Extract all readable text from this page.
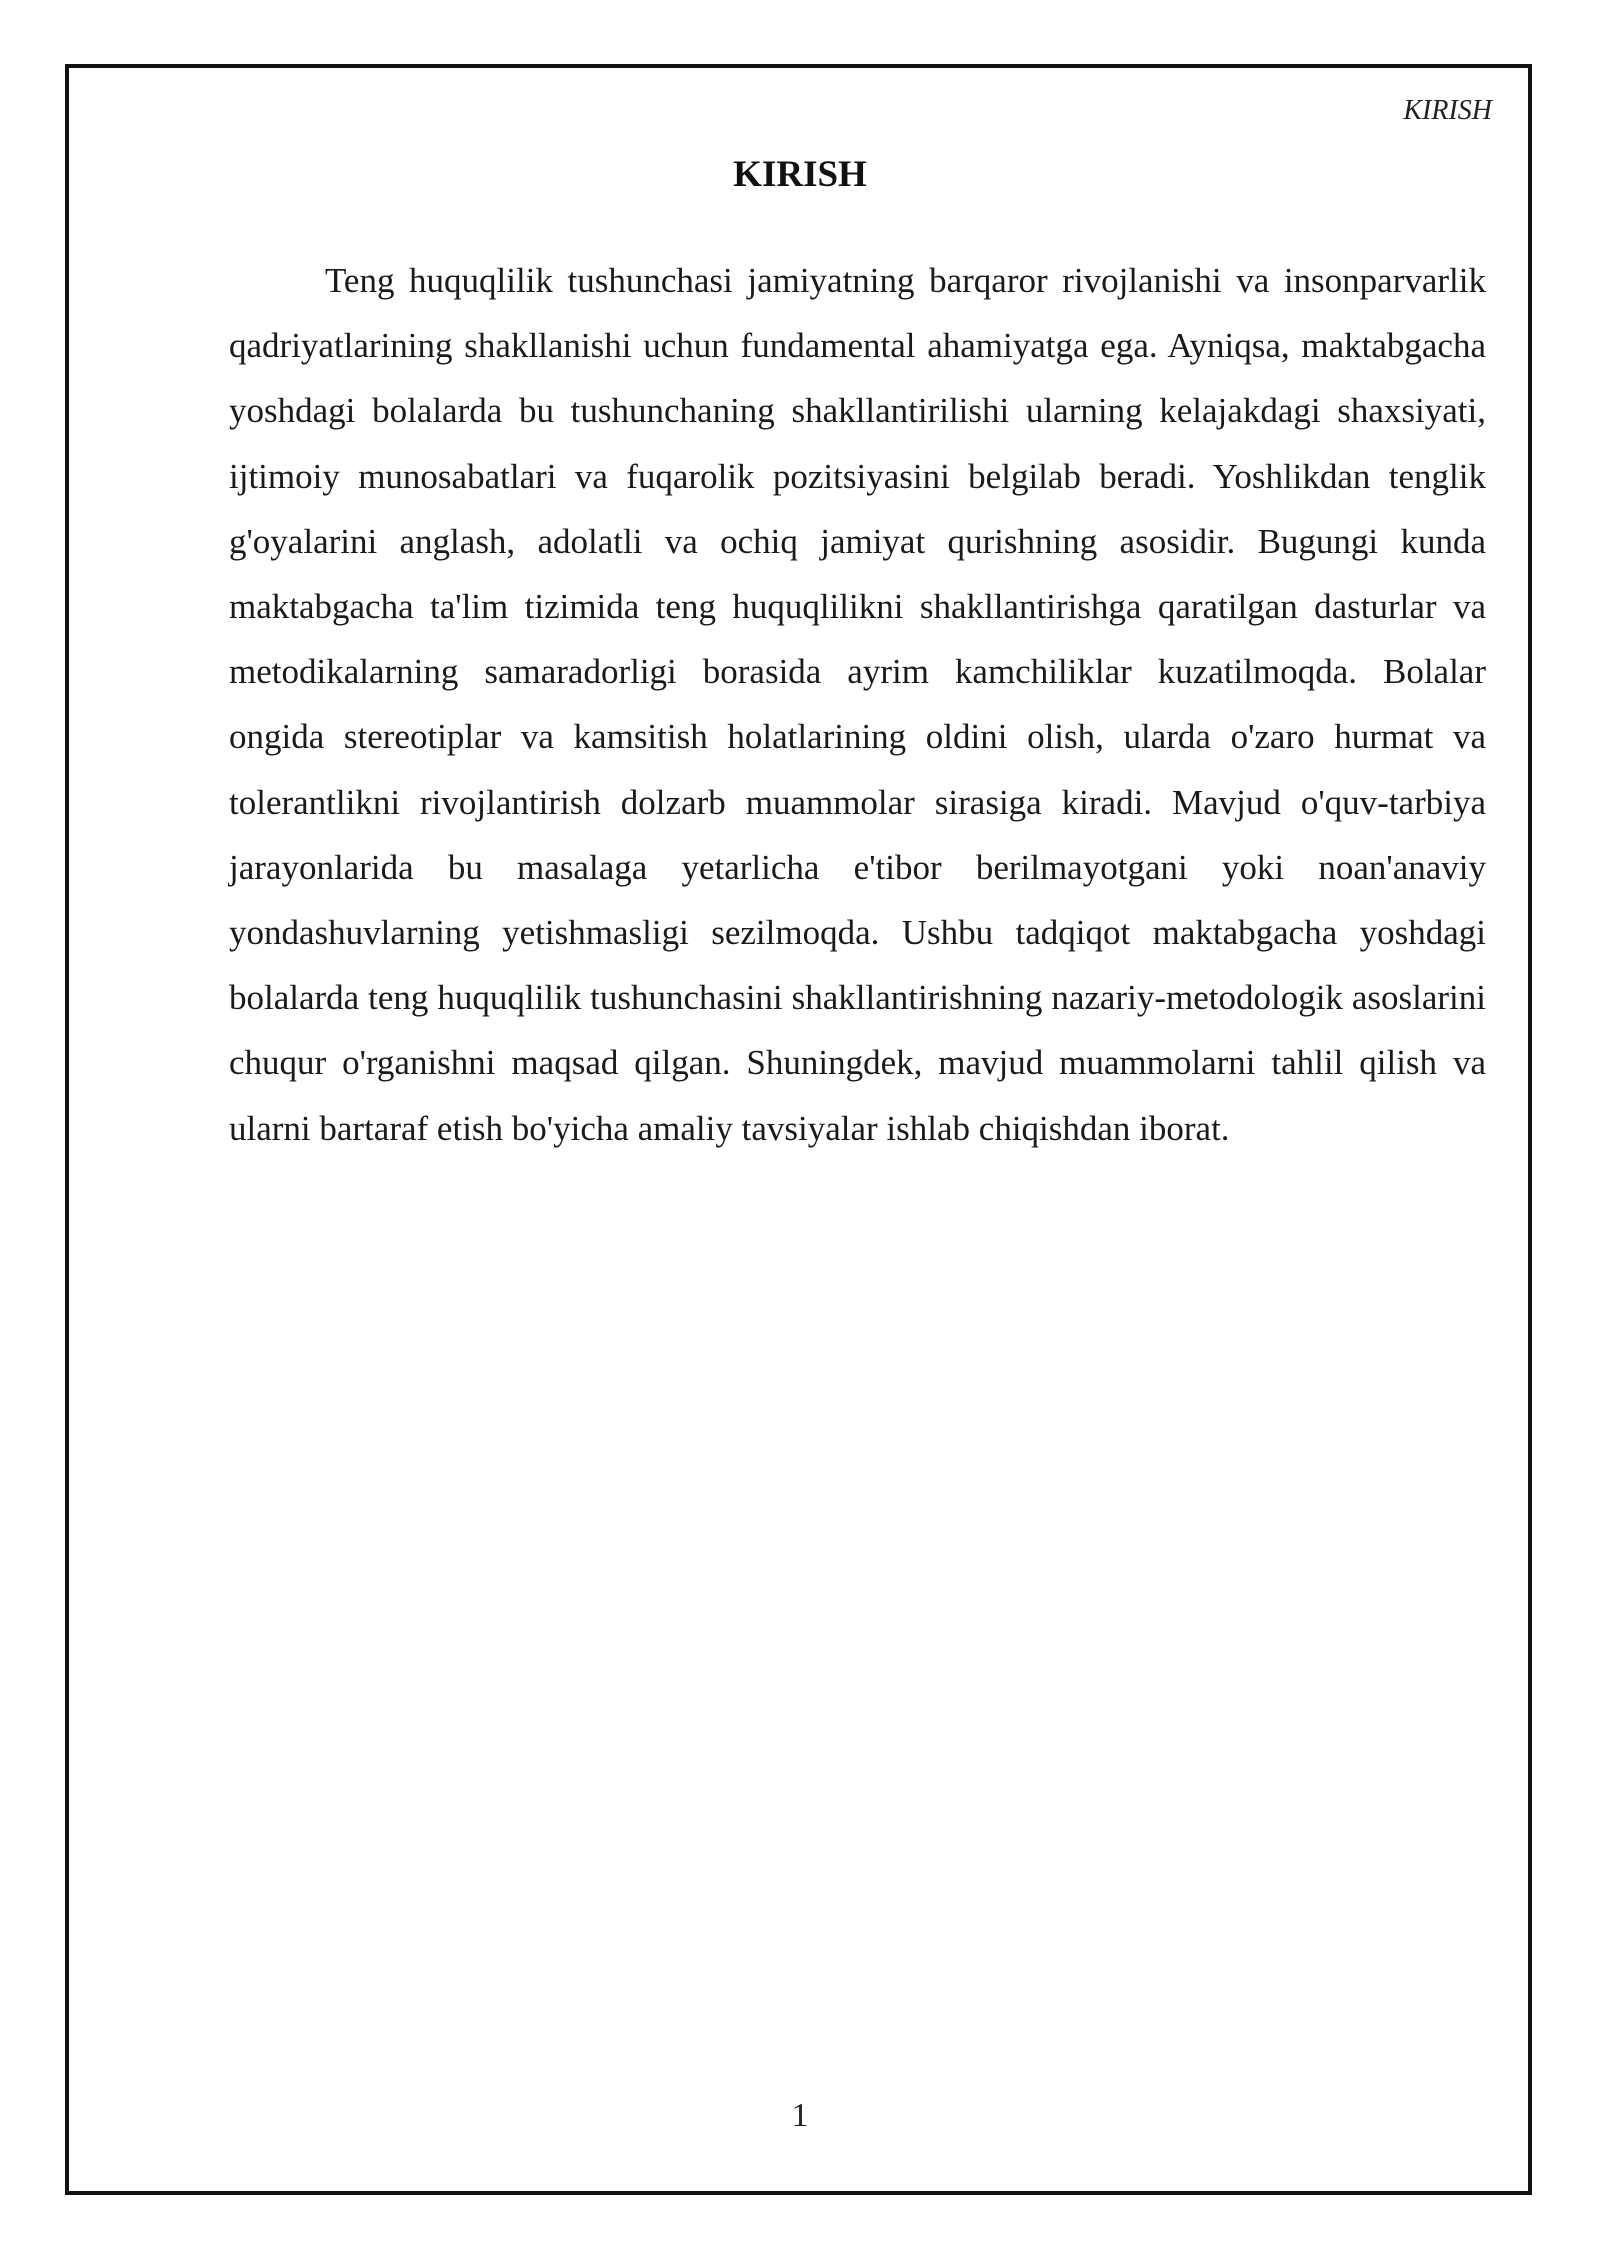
KIRISH
KIRISH

Teng huquqlilik tushunchasi jamiyatning barqaror rivojlanishi va insonparvarlik qadriyatlarining shakllanishi uchun fundamental ahamiyatga ega. Ayniqsa, maktabgacha yoshdagi bolalarda bu tushunchaning shakllantirilishi ularning kelajakdagi shaxsiyati, ijtimoiy munosabatlari va fuqarolik pozitsiyasini belgilab beradi. Yoshlikdan tenglik g'oyalarini anglash, adolatli va ochiq jamiyat qurishning asosidir. Bugungi kunda maktabgacha ta'lim tizimida teng huquqlilikni shakllantirishga qaratilgan dasturlar va metodikalarning samaradorligi borasida ayrim kamchiliklar kuzatilmoqda. Bolalar ongida stereotiplar va kamsitish holatlarining oldini olish, ularda o'zaro hurmat va tolerantlikni rivojlantirish dolzarb muammolar sirasiga kiradi. Mavjud o'quv-tarbiya jarayonlarida bu masalaga yetarlicha e'tibor berilmayotgani yoki noan'anaviy yondashuvlarning yetishmasligi sezilmoqda. Ushbu tadqiqot maktabgacha yoshdagi bolalarda teng huquqlilik tushunchasini shakllantirishning nazariy-metodologik asoslarini chuqur o'rganishni maqsad qilgan. Shuningdek, mavjud muammolarni tahlil qilish va ularni bartaraf etish bo'yicha amaliy tavsiyalar ishlab chiqishdan iborat.

1
